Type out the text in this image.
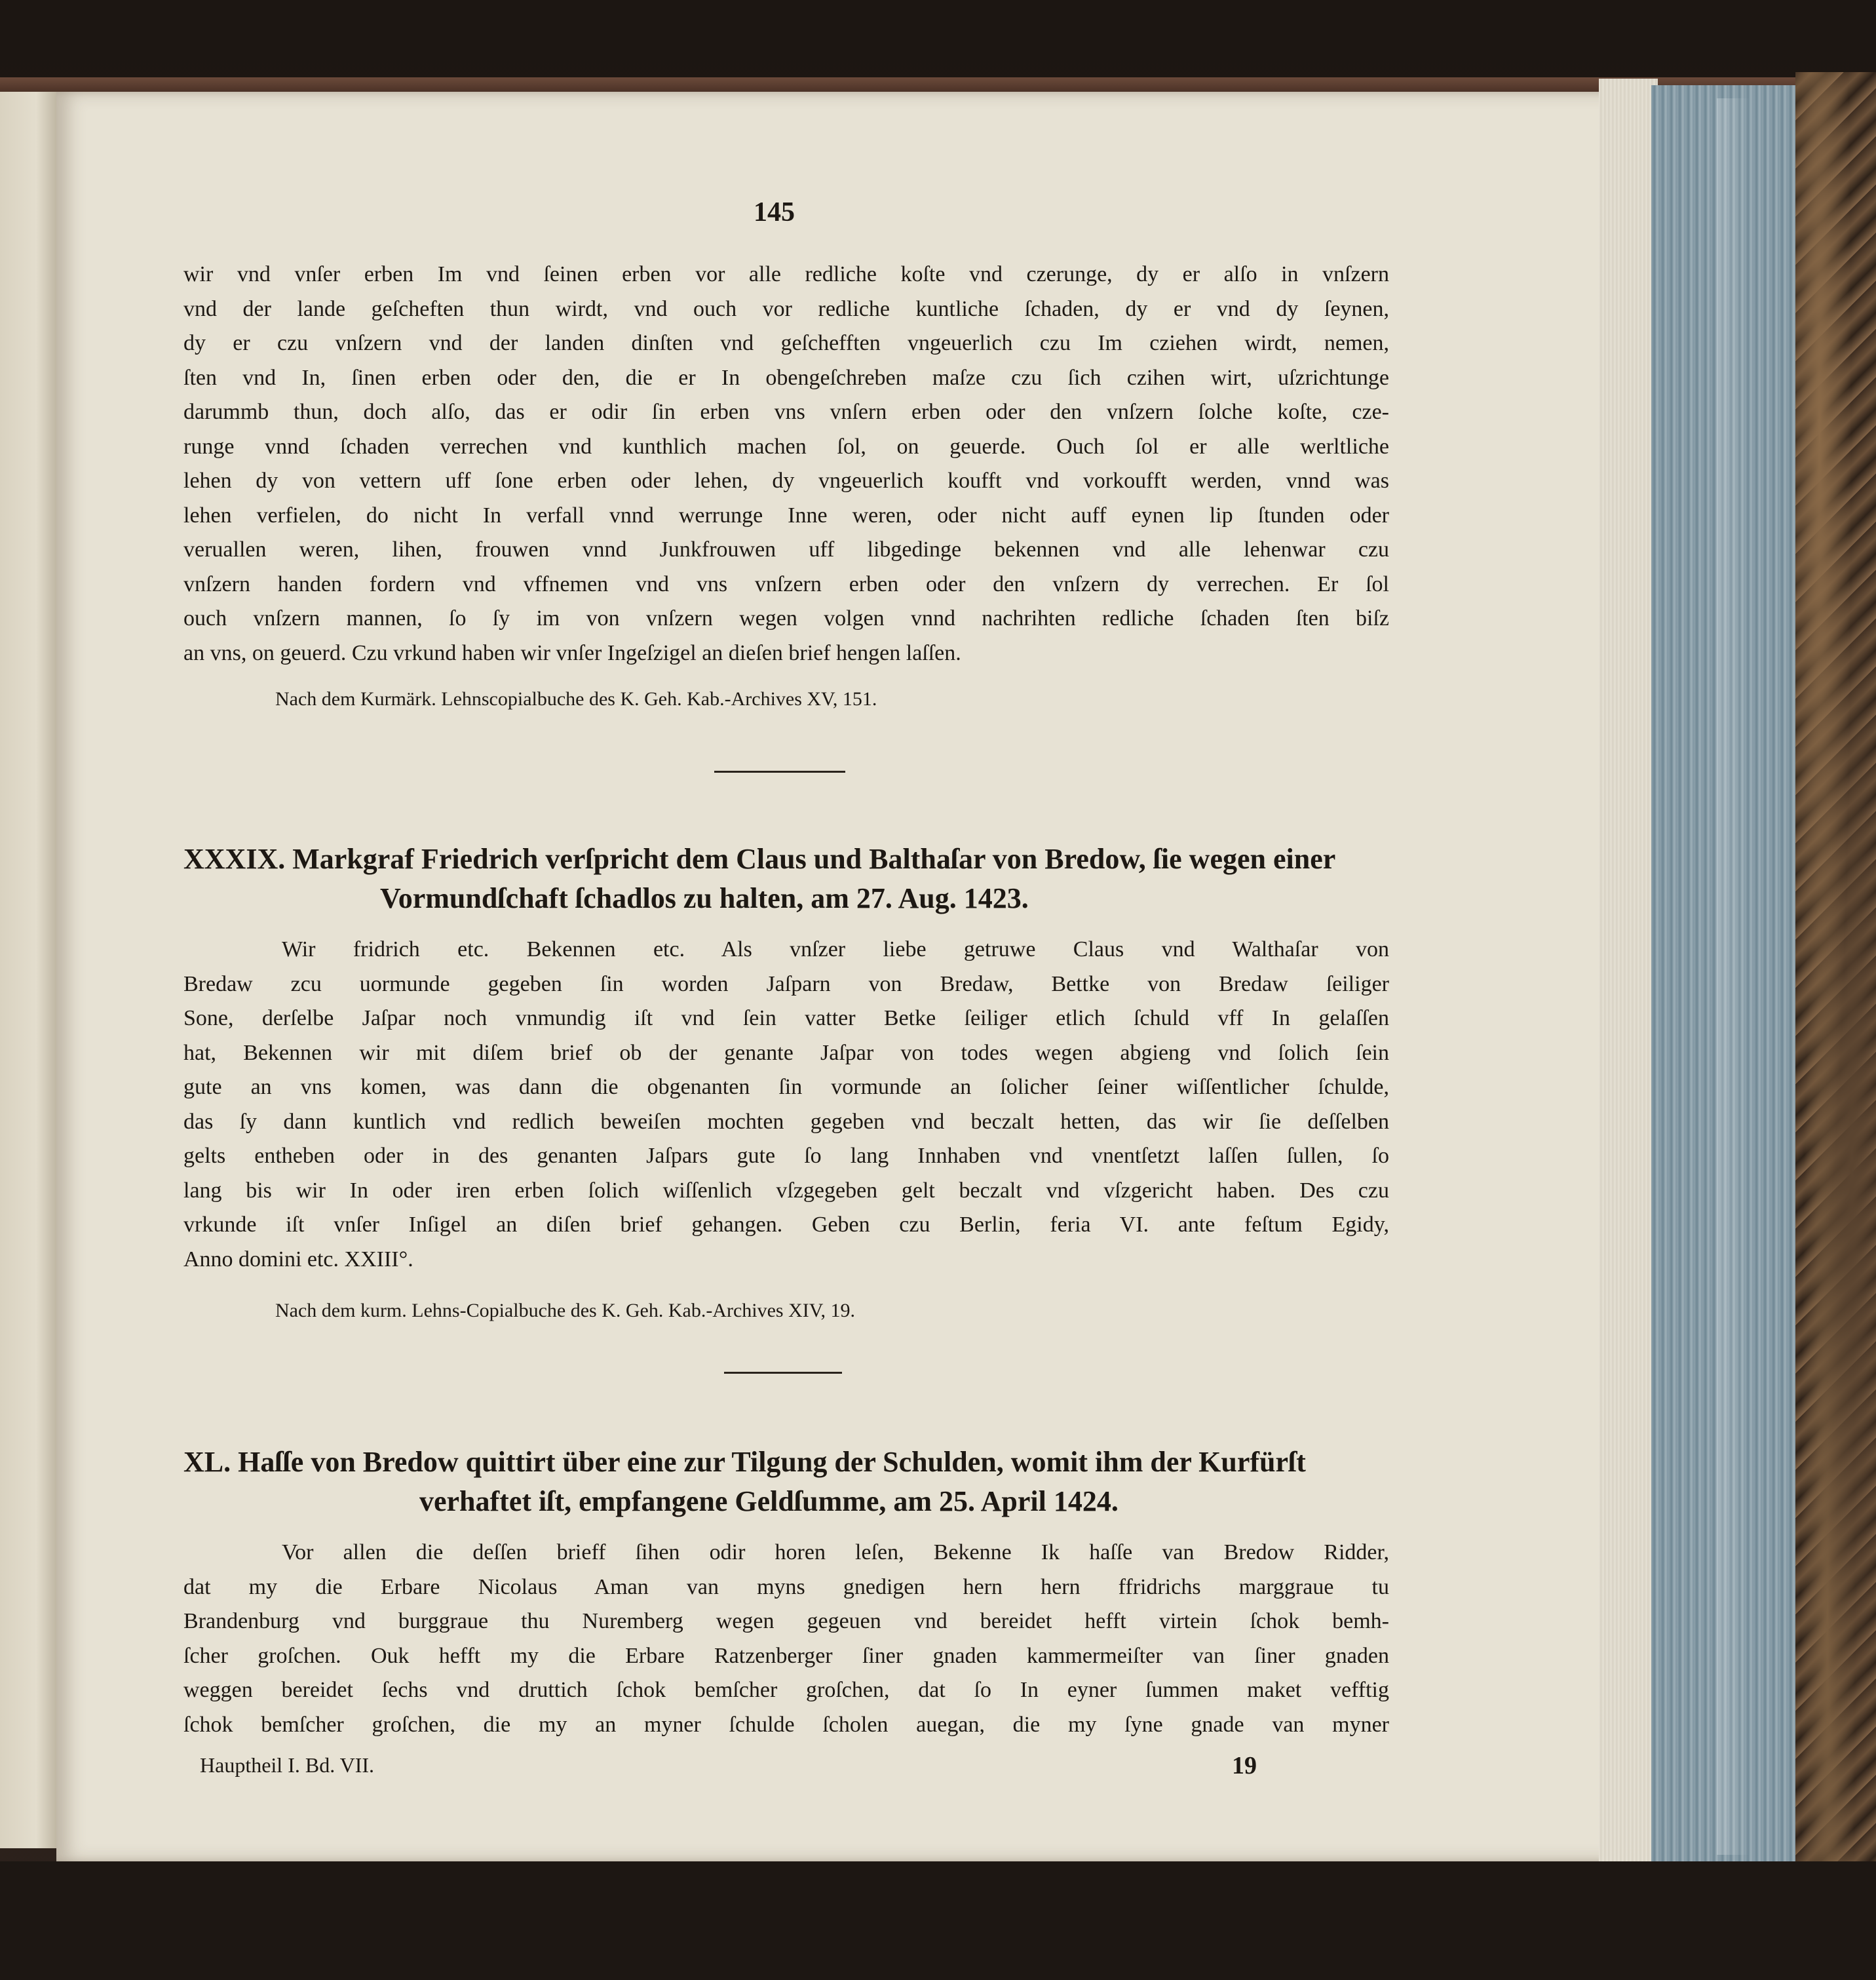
145
wir vnd vnſer erben Im vnd ſeinen erben vor alle redliche koſte vnd czerunge, dy er alſo in vnſzern
vnd der lande geſcheften thun wirdt, vnd ouch vor redliche kuntliche ſchaden, dy er vnd dy ſeynen,
dy er czu vnſzern vnd der landen dinſten vnd geſchefften vngeuerlich czu Im cziehen wirdt, nemen,
ſten vnd In, ſinen erben oder den, die er In obengeſchreben maſze czu ſich czihen wirt, uſzrichtunge
darummb thun, doch alſo, das er odir ſin erben vns vnſern erben oder den vnſzern ſolche koſte, cze-
runge vnnd ſchaden verrechen vnd kunthlich machen ſol, on geuerde. Ouch ſol er alle werltliche
lehen dy von vettern uff ſone erben oder lehen, dy vngeuerlich koufft vnd vorkoufft werden, vnnd was
lehen verfielen, do nicht In verfall vnnd werrunge Inne weren, oder nicht auff eynen lip ſtunden oder
veruallen weren, lihen, frouwen vnnd Junkfrouwen uff libgedinge bekennen vnd alle lehenwar czu
vnſzern handen fordern vnd vffnemen vnd vns vnſzern erben oder den vnſzern dy verrechen. Er ſol
ouch vnſzern mannen, ſo ſy im von vnſzern wegen volgen vnnd nachrihten redliche ſchaden ſten biſz
an vns, on geuerd. Czu vrkund haben wir vnſer Ingeſzigel an dieſen brief hengen laſſen.
Nach dem Kurmärk. Lehnscopialbuche des K. Geh. Kab.-Archives XV, 151.
XXXIX. Markgraf Friedrich verſpricht dem Claus und Balthaſar von Bredow, ſie wegen einer
Vormundſchaft ſchadlos zu halten, am 27. Aug. 1423.
Wir fridrich etc. Bekennen etc. Als vnſzer liebe getruwe Claus vnd Walthaſar von
Bredaw zcu uormunde gegeben ſin worden Jaſparn von Bredaw, Bettke von Bredaw ſeiliger
Sone, derſelbe Jaſpar noch vnmundig iſt vnd ſein vatter Betke ſeiliger etlich ſchuld vff In gelaſſen
hat, Bekennen wir mit diſem brief ob der genante Jaſpar von todes wegen abgieng vnd ſolich ſein
gute an vns komen, was dann die obgenanten ſin vormunde an ſolicher ſeiner wiſſentlicher ſchulde,
das ſy dann kuntlich vnd redlich beweiſen mochten gegeben vnd beczalt hetten, das wir ſie deſſelben
gelts entheben oder in des genanten Jaſpars gute ſo lang Innhaben vnd vnentſetzt laſſen ſullen, ſo
lang bis wir In oder iren erben ſolich wiſſenlich vſzgegeben gelt beczalt vnd vſzgericht haben. Des czu
vrkunde iſt vnſer Inſigel an diſen brief gehangen. Geben czu Berlin, feria VI. ante feſtum Egidy,
Anno domini etc. XXIII°.
Nach dem kurm. Lehns-Copialbuche des K. Geh. Kab.-Archives XIV, 19.
XL. Haſſe von Bredow quittirt über eine zur Tilgung der Schulden, womit ihm der Kurfürſt
verhaftet iſt, empfangene Geldſumme, am 25. April 1424.
Vor allen die deſſen brieff ſihen odir horen leſen, Bekenne Ik haſſe van Bredow Ridder,
dat my die Erbare Nicolaus Aman van myns gnedigen hern hern ffridrichs marggraue tu
Brandenburg vnd burggraue thu Nuremberg wegen gegeuen vnd bereidet hefft virtein ſchok bemh-
ſcher groſchen. Ouk hefft my die Erbare Ratzenberger ſiner gnaden kammermeiſter van ſiner gnaden
weggen bereidet ſechs vnd druttich ſchok bemſcher groſchen, dat ſo In eyner ſummen maket vefftig
ſchok bemſcher groſchen, die my an myner ſchulde ſcholen auegan, die my ſyne gnade van myner
Hauptheil I. Bd. VII.	19
